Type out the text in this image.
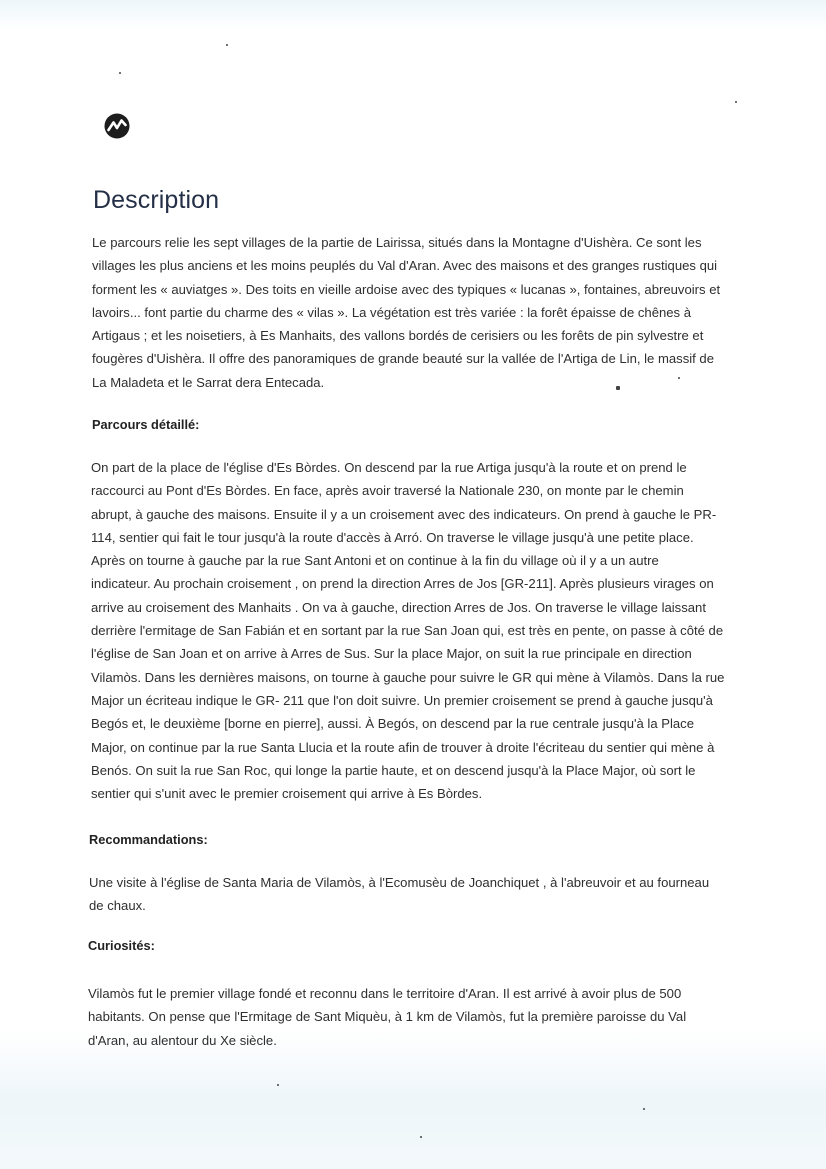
Description

Le parcours relie les sept villages de la partie de Lairissa, situés dans la Montagne d'Uishèra. Ce sont les
villages les plus anciens et les moins peuplés du Val d'Aran. Avec des maisons et des granges rustiques qui
forment les « auviatges ». Des toits en vieille ardoise avec des typiques « lucanas », fontaines, abreuvoirs et
lavoirs... font partie du charme des « vilas ». La végétation est très variée : la forêt épaisse de chênes à
Artigaus ; et les noisetiers, à Es Manhaits, des vallons bordés de cerisiers ou les forêts de pin sylvestre et
fougères d'Uishèra. Il offre des panoramiques de grande beauté sur la vallée de l'Artiga de Lin, le massif de
La Maladeta et le Sarrat dera Entecada.

Parcours détaillé:

On part de la place de l'église d'Es Bòrdes. On descend par la rue Artiga jusqu'à la route et on prend le
raccourci au Pont d'Es Bòrdes. En face, après avoir traversé la Nationale 230, on monte par le chemin
abrupt, à gauche des maisons. Ensuite il y a un croisement avec des indicateurs. On prend à gauche le PR-
114, sentier qui fait le tour jusqu'à la route d'accès à Arró. On traverse le village jusqu'à une petite place.
Après on tourne à gauche par la rue Sant Antoni et on continue à la fin du village où il y a un autre
indicateur. Au prochain croisement , on prend la direction Arres de Jos [GR-211]. Après plusieurs virages on
arrive au croisement des Manhaits . On va à gauche, direction Arres de Jos. On traverse le village laissant
derrière l'ermitage de San Fabián et en sortant par la rue San Joan qui, est très en pente, on passe à côté de
l'église de San Joan et on arrive à Arres de Sus. Sur la place Major, on suit la rue principale en direction
Vilamòs. Dans les dernières maisons, on tourne à gauche pour suivre le GR qui mène à Vilamòs. Dans la rue
Major un écriteau indique le GR- 211 que l'on doit suivre. Un premier croisement se prend à gauche jusqu'à
Begós et, le deuxième [borne en pierre], aussi. À Begós, on descend par la rue centrale jusqu'à la Place
Major, on continue par la rue Santa Llucia et la route afin de trouver à droite l'écriteau du sentier qui mène à
Benós. On suit la rue San Roc, qui longe la partie haute, et on descend jusqu'à la Place Major, où sort le
sentier qui s'unit avec le premier croisement qui arrive à Es Bòrdes.

Recommandations:

Une visite à l'église de Santa Maria de Vilamòs, à l'Ecomusèu de Joanchiquet , à l'abreuvoir et au fourneau
de chaux.

Curiosités:

Vilamòs fut le premier village fondé et reconnu dans le territoire d'Aran. Il est arrivé à avoir plus de 500
habitants. On pense que l'Ermitage de Sant Miquèu, à 1 km de Vilamòs, fut la première paroisse du Val
d'Aran, au alentour du Xe siècle.
